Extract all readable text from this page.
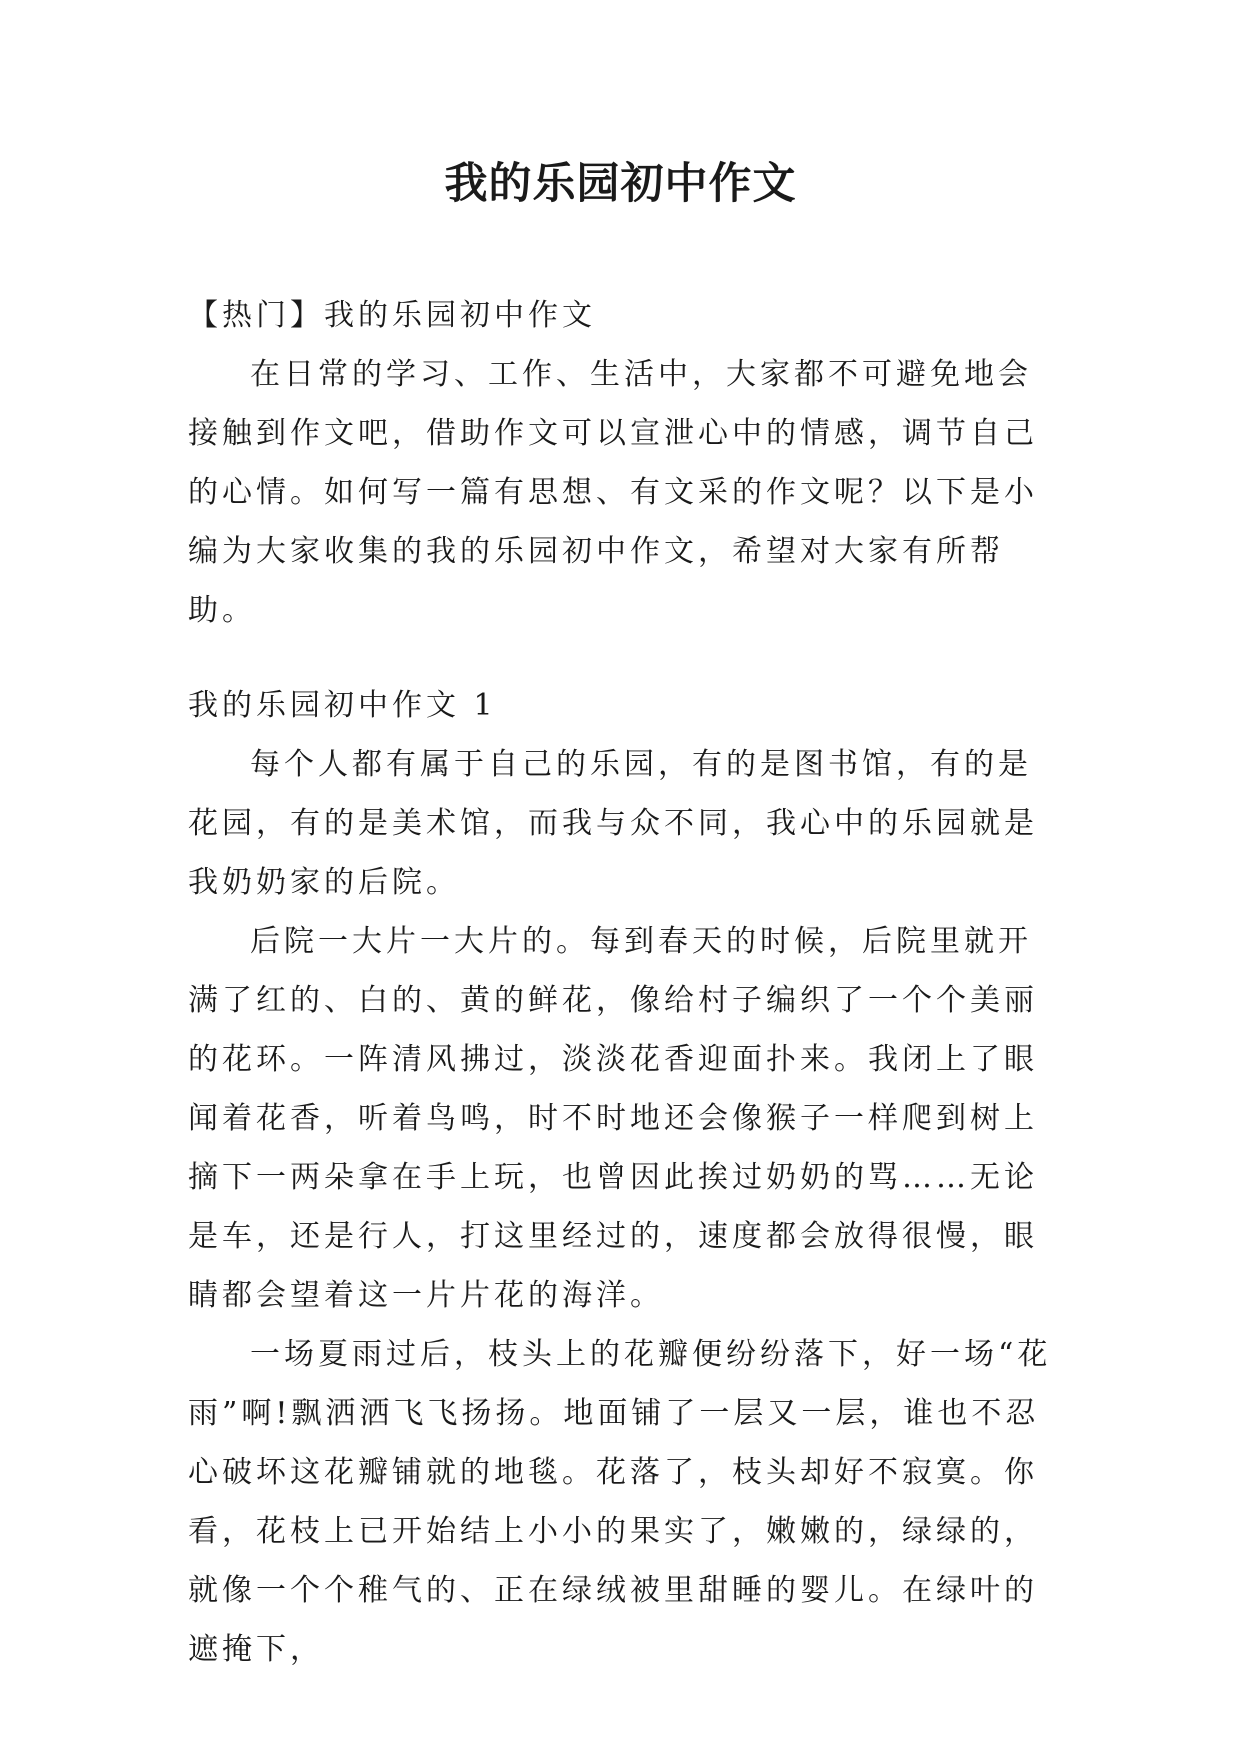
我的乐园初中作文

【热门】我的乐园初中作文

在日常的学习、工作、生活中，大家都不可避免地会接触到作文吧，借助作文可以宣泄心中的情感，调节自己的心情。如何写一篇有思想、有文采的作文呢？以下是小编为大家收集的我的乐园初中作文，希望对大家有所帮助。

我的乐园初中作文 1

每个人都有属于自己的乐园，有的是图书馆，有的是花园，有的是美术馆，而我与众不同，我心中的乐园就是我奶奶家的后院。

后院一大片一大片的。每到春天的时候，后院里就开满了红的、白的、黄的鲜花，像给村子编织了一个个美丽的花环。一阵清风拂过，淡淡花香迎面扑来。我闭上了眼闻着花香，听着鸟鸣，时不时地还会像猴子一样爬到树上摘下一两朵拿在手上玩，也曾因此挨过奶奶的骂……无论是车，还是行人，打这里经过的，速度都会放得很慢，眼睛都会望着这一片片花的海洋。

一场夏雨过后，枝头上的花瓣便纷纷落下，好一场“花雨”啊!飘洒洒飞飞扬扬。地面铺了一层又一层，谁也不忍心破坏这花瓣铺就的地毯。花落了，枝头却好不寂寞。你看，花枝上已开始结上小小的果实了，嫩嫩的，绿绿的，就像一个个稚气的、正在绿绒被里甜睡的婴儿。在绿叶的遮掩下，
